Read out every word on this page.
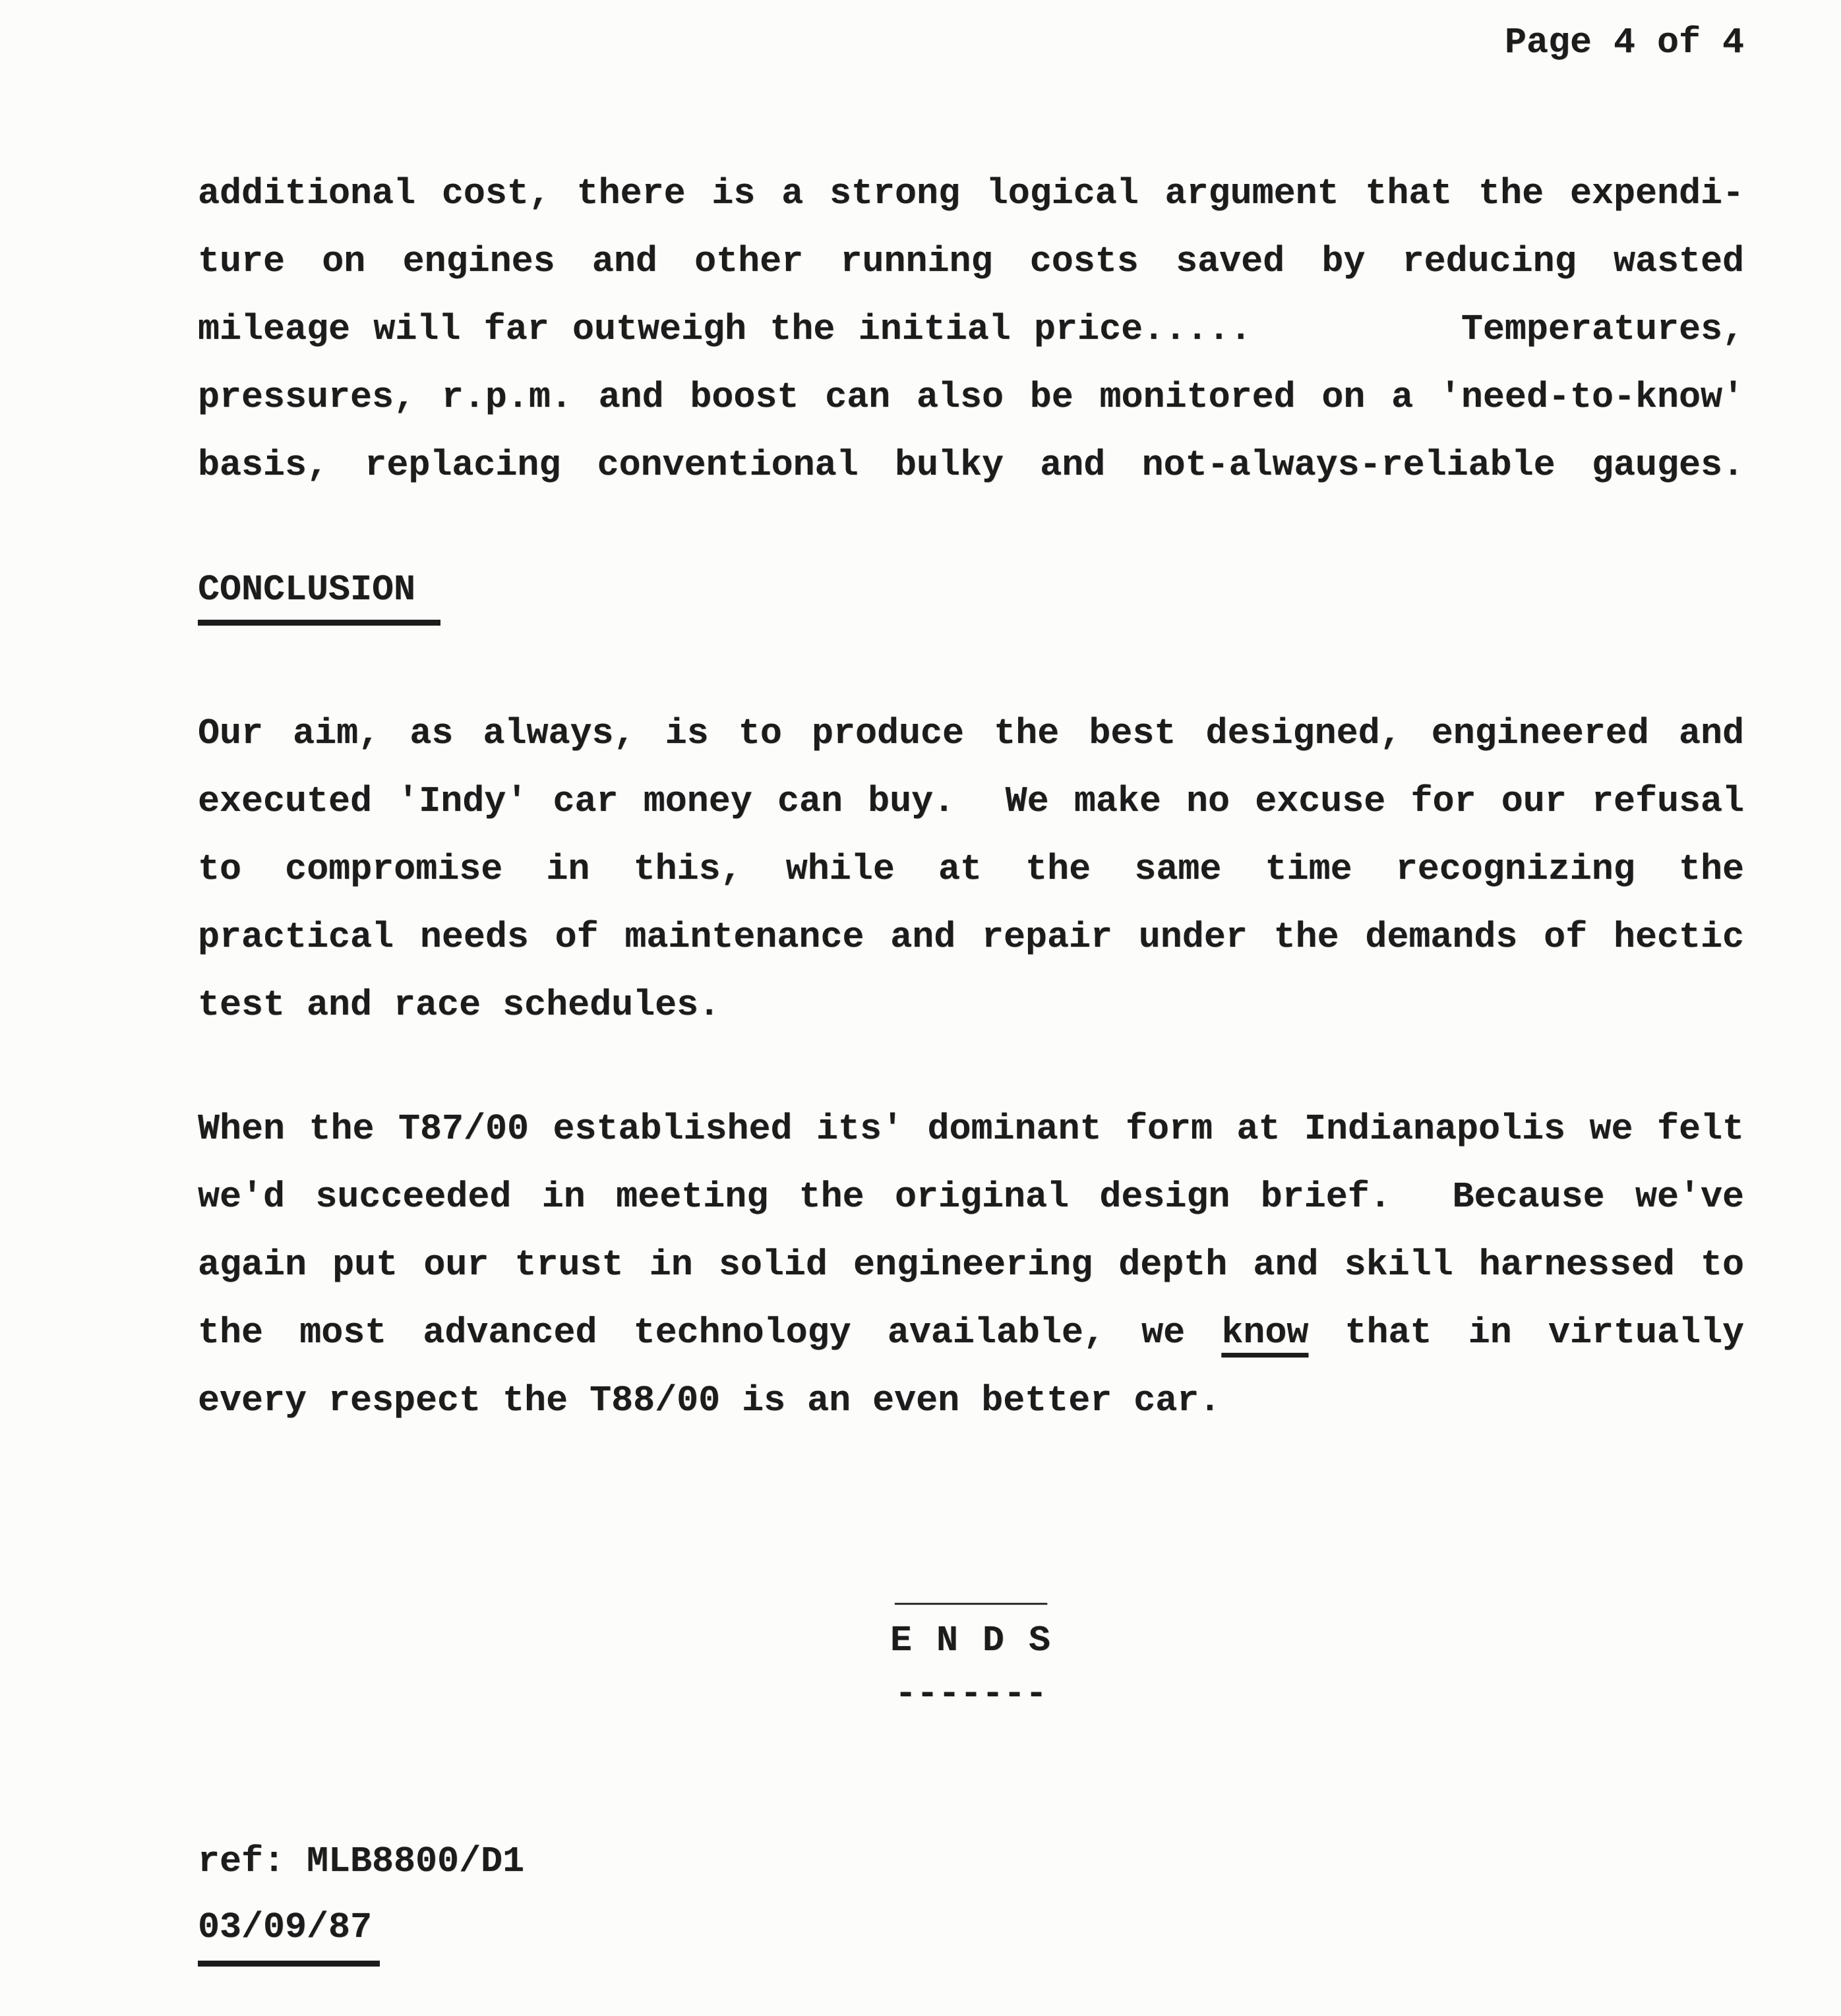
Page 4 of 4
additional cost, there is a strong logical argument that the expendi-
ture on engines and other running costs saved by reducing wasted
mileage will far outweigh the initial price.....         Temperatures,
pressures, r.p.m. and boost can also be monitored on a 'need-to-know'
basis, replacing conventional bulky and not-always-reliable gauges.
CONCLUSION
Our aim, as always, is to produce the best designed, engineered and
executed 'Indy' car money can buy.  We make no excuse for our refusal
to compromise in this, while at the same time recognizing the
practical needs of maintenance and repair under the demands of hectic
test and race schedules.
When the T87/00 established its' dominant form at Indianapolis we felt
we'd succeeded in meeting the original design brief.  Because we've
again put our trust in solid engineering depth and skill harnessed to
the most advanced technology available, we know that in virtually
every respect the T88/00 is an even better car.
_______
E N D S
-------
ref: MLB8800/D1
03/09/87
